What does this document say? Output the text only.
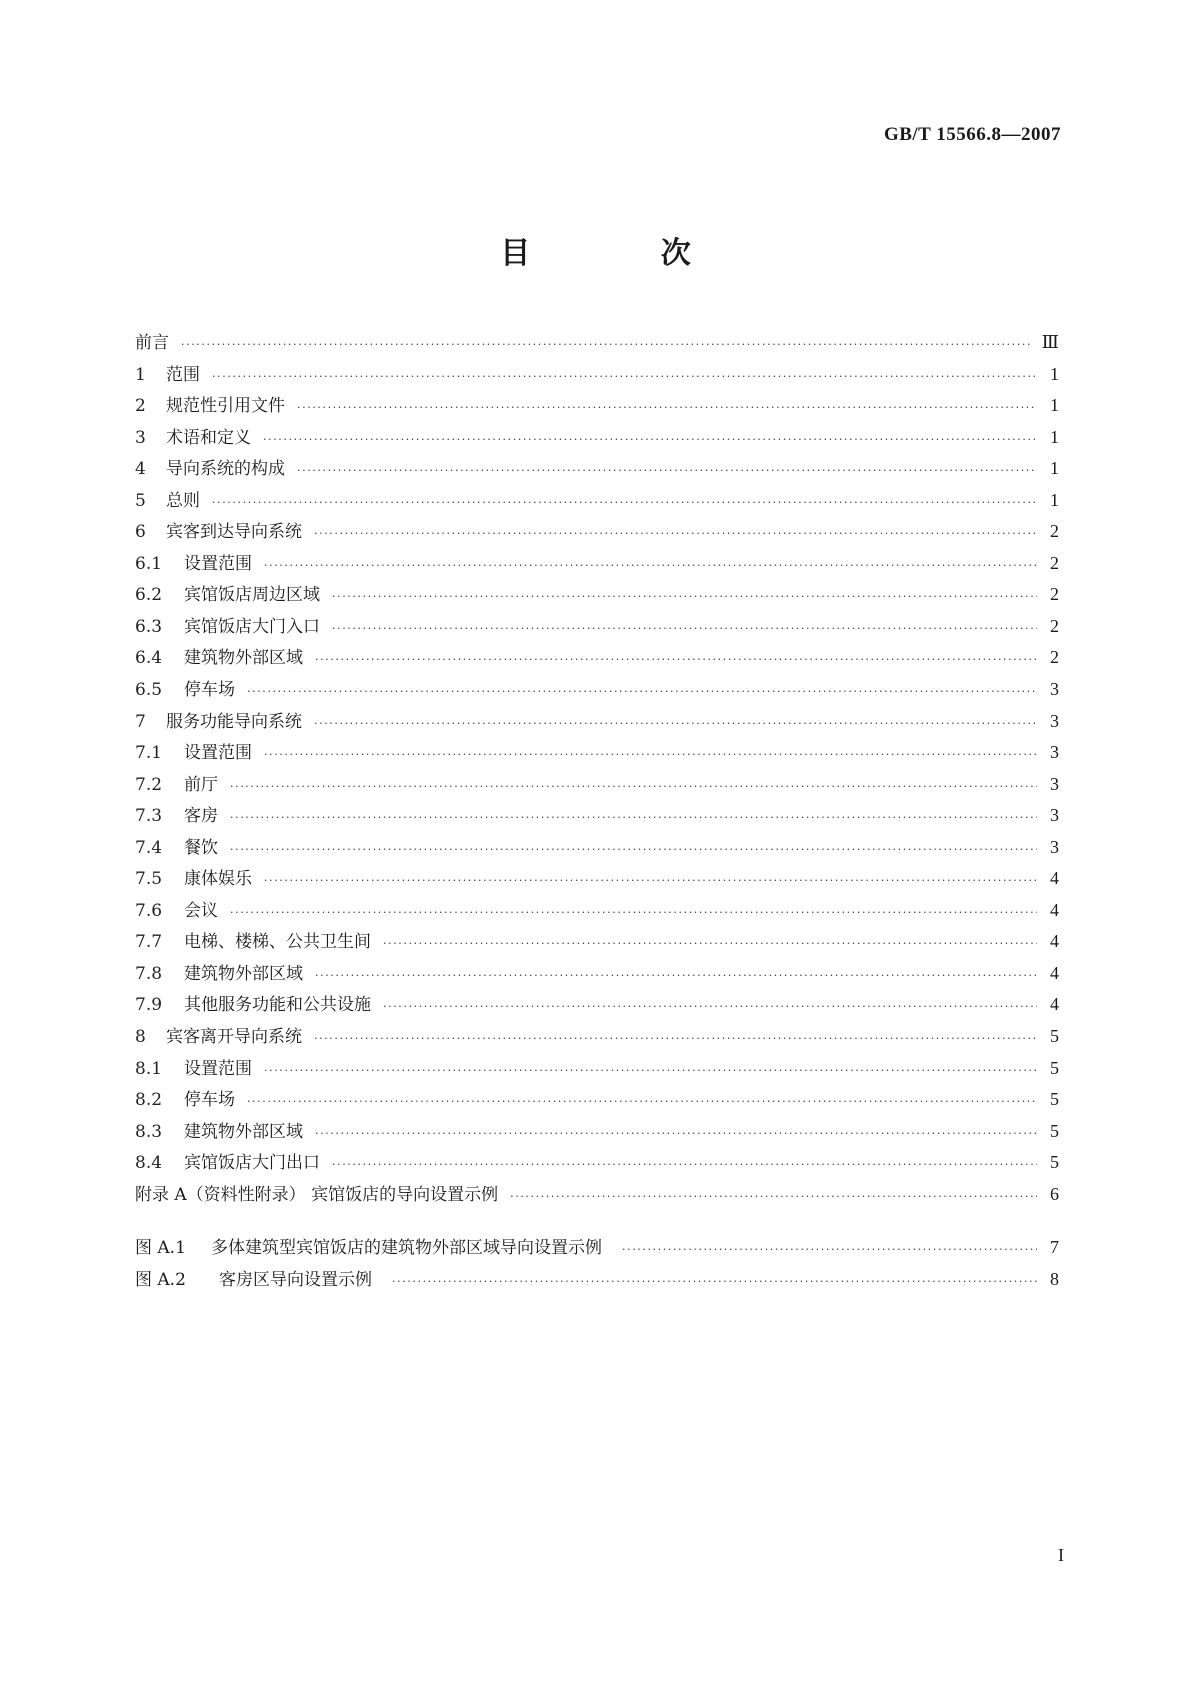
GB/T 15566.8—2007
目 次
前言 ·····	Ⅲ
1	范围 ·····	1
2	规范性引用文件 ·····	1
3	术语和定义 ·····	1
4	导向系统的构成 ·····	1
5	总则 ·····	1
6	宾客到达导向系统 ·····	2
6.1	设置范围 ·····	2
6.2	宾馆饭店周边区域 ·····	2
6.3	宾馆饭店大门入口 ·····	2
6.4	建筑物外部区域 ·····	2
6.5	停车场 ·····	3
7	服务功能导向系统 ·····	3
7.1	设置范围 ·····	3
7.2	前厅 ·····	3
7.3	客房 ·····	3
7.4	餐饮 ·····	3
7.5	康体娱乐 ·····	4
7.6	会议 ·····	4
7.7	电梯、楼梯、公共卫生间 ·····	4
7.8	建筑物外部区域 ·····	4
7.9	其他服务功能和公共设施 ·····	4
8	宾客离开导向系统 ·····	5
8.1	设置范围 ·····	5
8.2	停车场 ·····	5
8.3	建筑物外部区域 ·····	5
8.4	宾馆饭店大门出口 ·····	5
附录 A（资料性附录） 宾馆饭店的导向设置示例 ·····	6
图 A.1	多体建筑型宾馆饭店的建筑物外部区域导向设置示例 ·····	7
图 A.2	客房区导向设置示例 ·····	8
I
